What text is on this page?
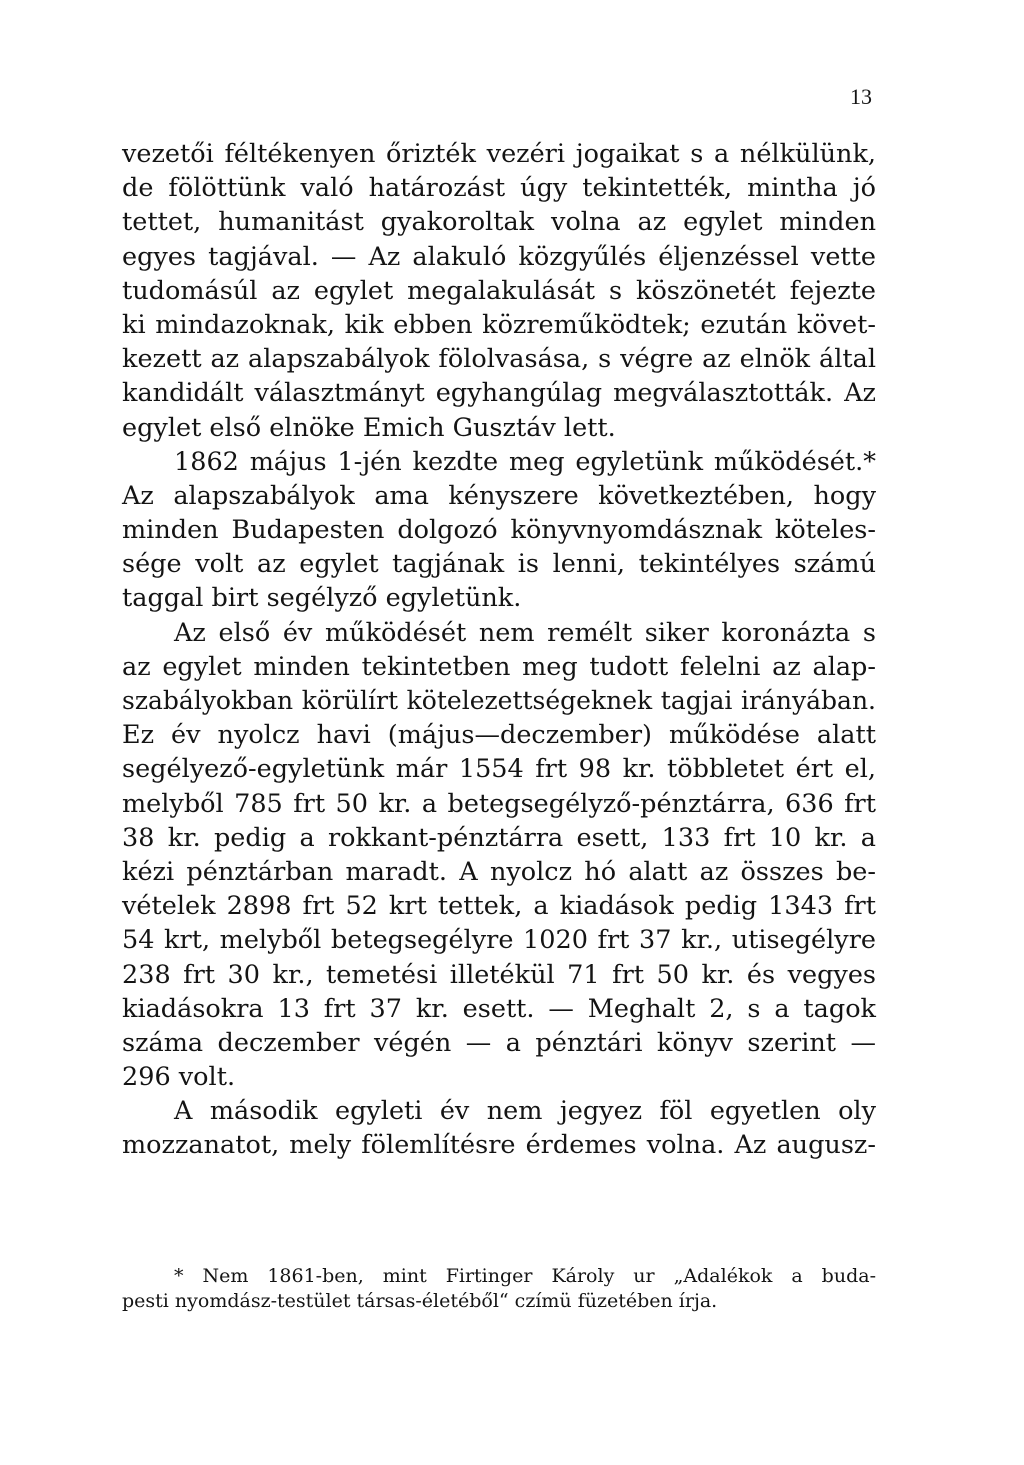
13
vezetői féltékenyen őrizték vezéri jogaikat s a nélkülünk,
de fölöttünk való határozást úgy tekintették, mintha jó
tettet, humanitást gyakoroltak volna az egylet minden
egyes tagjával. — Az alakuló közgyűlés éljenzéssel vette
tudomásúl az egylet megalakulását s köszönetét fejezte
ki mindazoknak, kik ebben közreműködtek; ezután követ-
kezett az alapszabályok fölolvasása, s végre az elnök által
kandidált választmányt egyhangúlag megválasztották. Az
egylet első elnöke Emich Gusztáv lett.
1862 május 1-jén kezdte meg egyletünk működését.*
Az alapszabályok ama kényszere következtében, hogy
minden Budapesten dolgozó könyvnyomdásznak köteles-
sége volt az egylet tagjának is lenni, tekintélyes számú
taggal birt segélyző egyletünk.
Az első év működését nem remélt siker koronázta s
az egylet minden tekintetben meg tudott felelni az alap-
szabályokban körülírt kötelezettségeknek tagjai irányában.
Ez év nyolcz havi (május—deczember) működése alatt
segélyező-egyletünk már 1554 frt 98 kr. többletet ért el,
melyből 785 frt 50 kr. a betegsegélyző-pénztárra, 636 frt
38 kr. pedig a rokkant-pénztárra esett, 133 frt 10 kr. a
kézi pénztárban maradt. A nyolcz hó alatt az összes be-
vételek 2898 frt 52 krt tettek, a kiadások pedig 1343 frt
54 krt, melyből betegsegélyre 1020 frt 37 kr., utisegélyre
238 frt 30 kr., temetési illetékül 71 frt 50 kr. és vegyes
kiadásokra 13 frt 37 kr. esett. — Meghalt 2, s a tagok
száma deczember végén — a pénztári könyv szerint —
296 volt.
A második egyleti év nem jegyez föl egyetlen oly
mozzanatot, mely fölemlítésre érdemes volna. Az augusz-
* Nem 1861-ben, mint Firtinger Károly ur „Adalékok a buda-
pesti nyomdász-testület társas-életéből“ czímü füzetében írja.
